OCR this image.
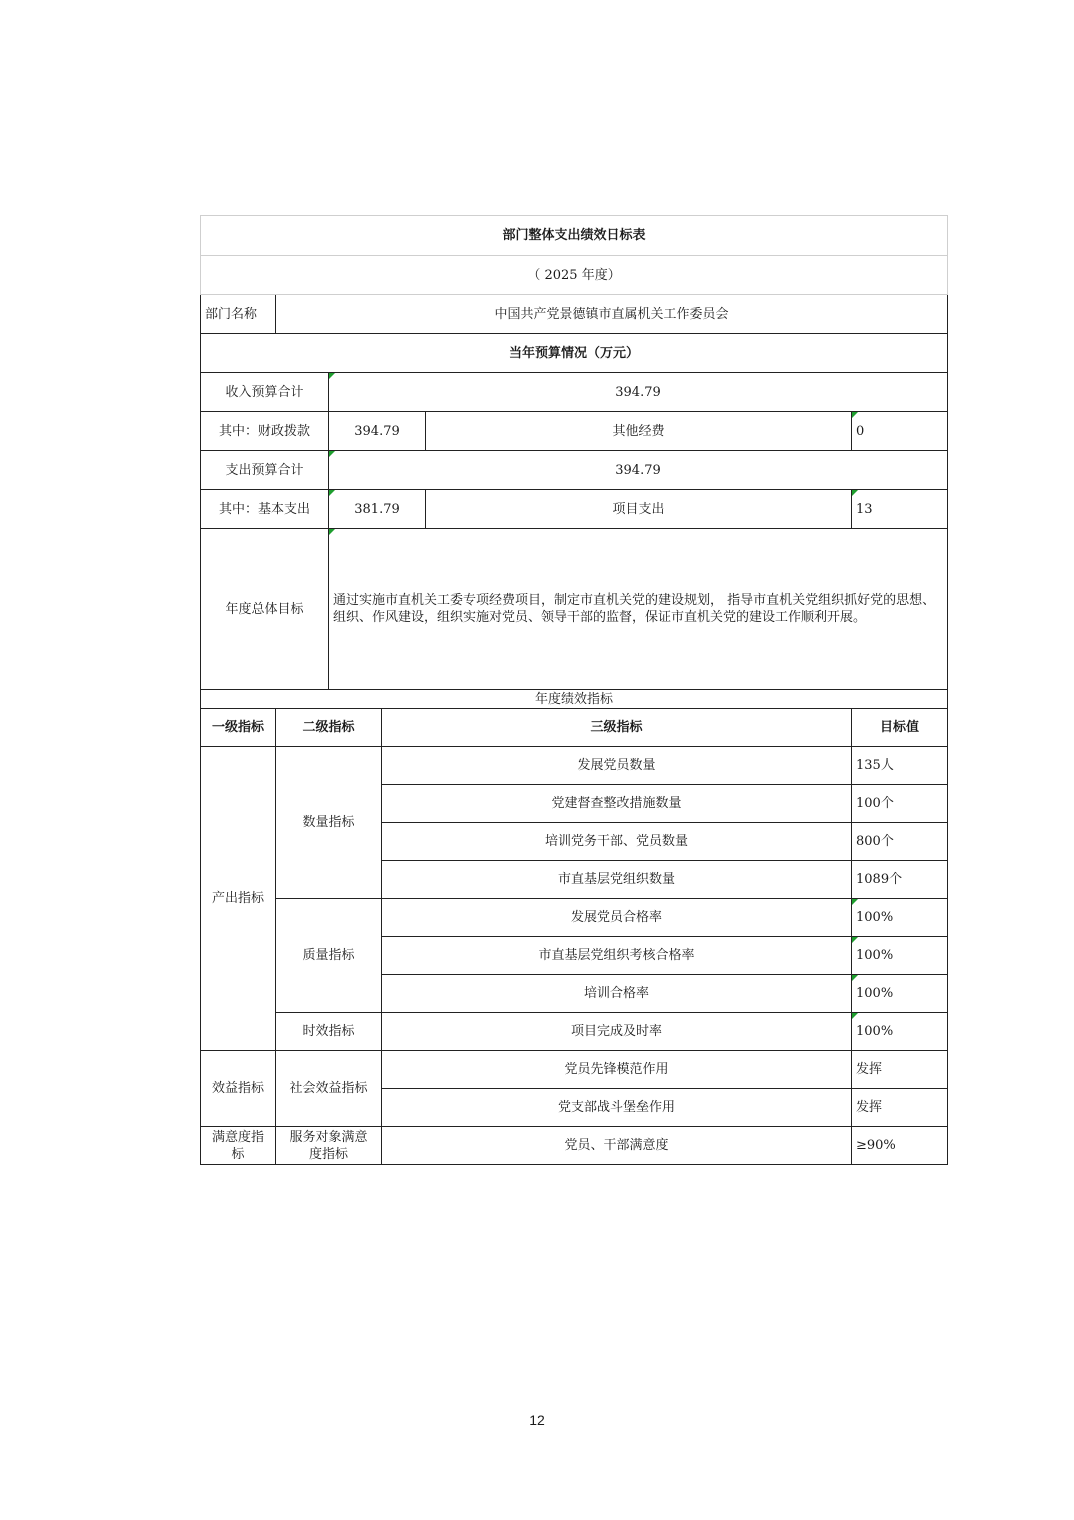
部门整体支出绩效日标表					
（ 2025 年度）					
部门名称	中国共产党景德镇市直属机关工作委员会				
当年预算情况（万元）					
收入预算合计		394.79			
其中：财政拨款		394.79		其他经费	0
支出预算合计		394.79			
其中：基本支出		381.79		项目支出	13
年度总体目标		通过实施市直机关工委专项经费项目，制定市直机关党的建设规划， 指导市直机关党组织抓好党的思想、组织、作风建设，组织实施对党员、领导干部的监督，保证市直机关党的建设工作顺利开展。			
年度绩效指标					
一级指标	二级指标		三级指标		目标值
产出指标	数量指标		发展党员数量		135人
			党建督查整改措施数量		100个
			培训党务干部、党员数量		800个
			市直基层党组织数量		1089个
	质量指标		发展党员合格率		100%
			市直基层党组织考核合格率		100%
			培训合格率		100%
	时效指标		项目完成及时率		100%
效益指标	社会效益指标		党员先锋模范作用		发挥
			党支部战斗堡垒作用		发挥
满意度指标	服务对象满意度指标		党员、干部满意度		≥90%
12
